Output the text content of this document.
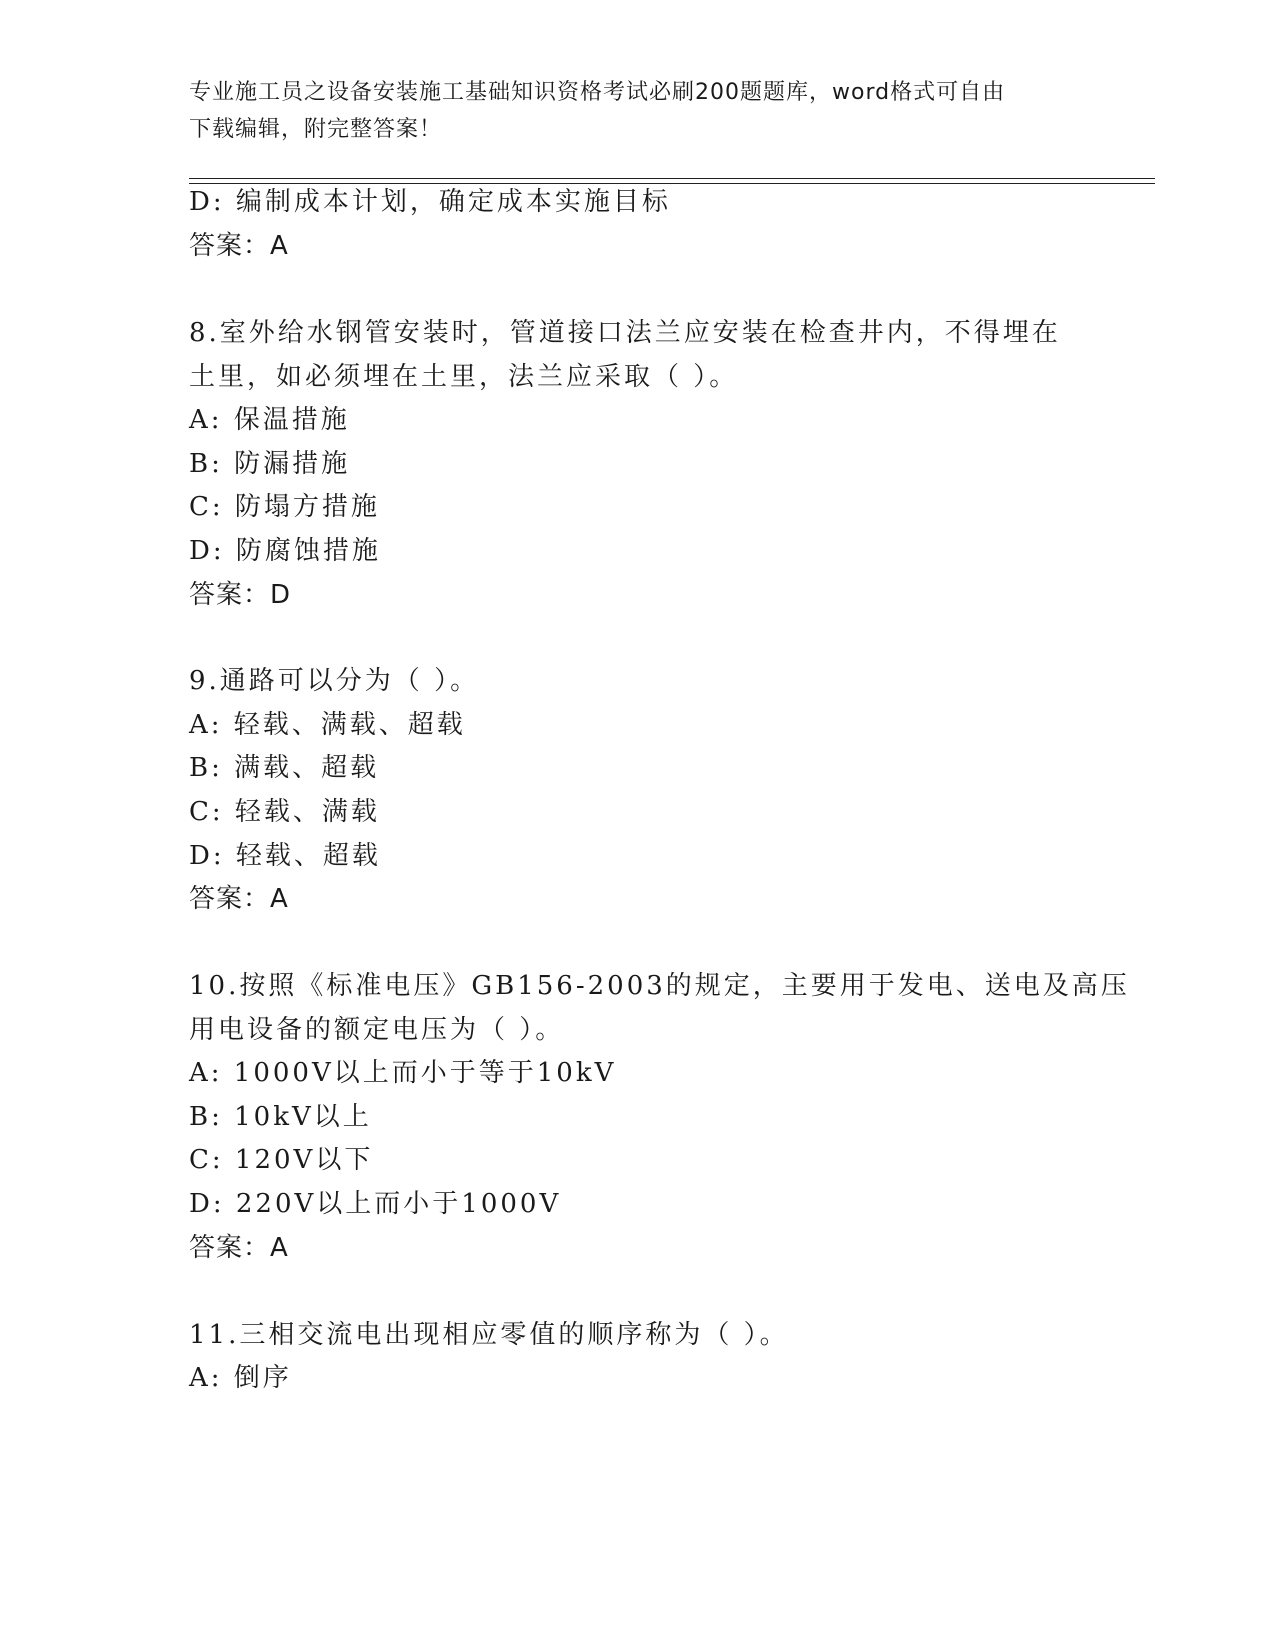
专业施工员之设备安装施工基础知识资格考试必刷200题题库，word格式可自由
下载编辑，附完整答案！
D: 编制成本计划，确定成本实施目标
答案：A
8.室外给水钢管安装时，管道接口法兰应安装在检查井内，不得埋在
土里，如必须埋在土里，法兰应采取（ ）。
A: 保温措施
B: 防漏措施
C: 防塌方措施
D: 防腐蚀措施
答案：D
9.通路可以分为（ ）。
A: 轻载、满载、超载
B: 满载、超载
C: 轻载、满载
D: 轻载、超载
答案：A
10.按照《标准电压》GB156-2003的规定，主要用于发电、送电及高压
用电设备的额定电压为（ ）。
A: 1000V以上而小于等于10kV
B: 10kV以上
C: 120V以下
D: 220V以上而小于1000V
答案：A
11.三相交流电出现相应零值的顺序称为（ ）。
A: 倒序
